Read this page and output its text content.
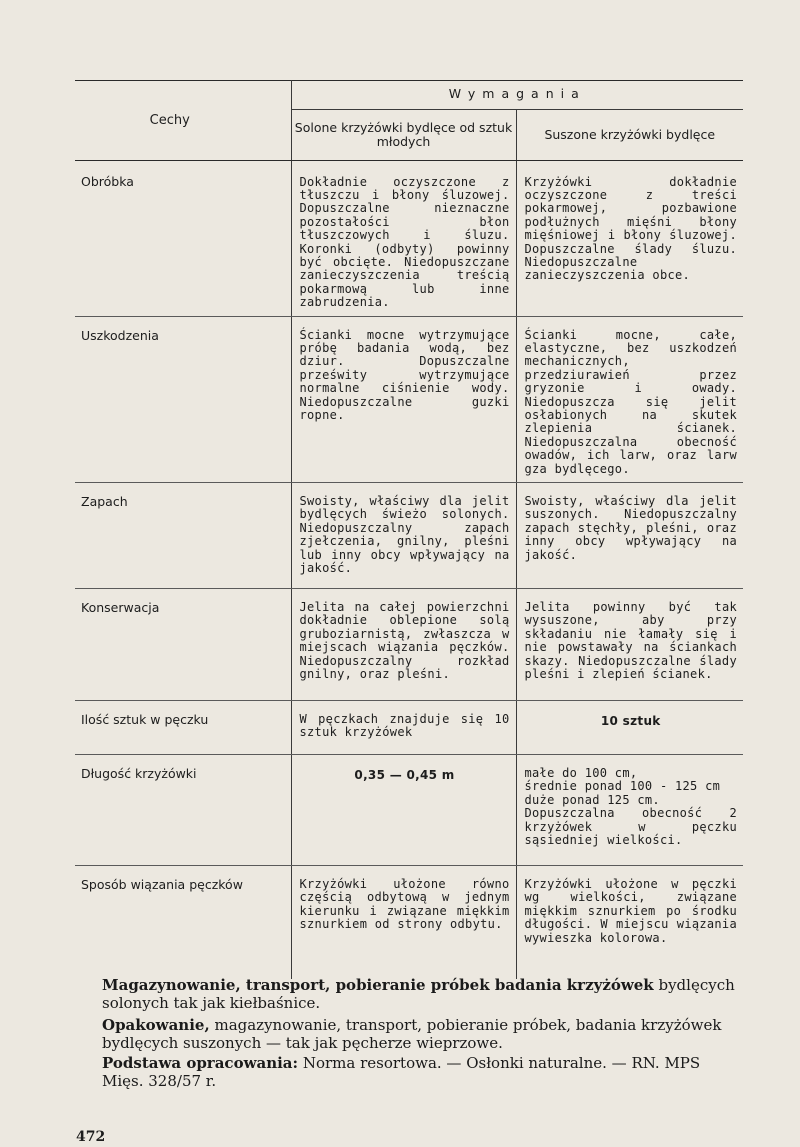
Cechy	Wymagania	
	Solone krzyżówki bydlęce od sztuk młodych	Suszone krzyżówki bydlęce

Obróbka	Dokładnie oczyszczone z tłuszczu i błony śluzowej. Dopuszczalne nieznaczne pozostałości błon tłuszczowych i śluzu. Koronki (odbyty) powinny być obcięte. Niedopuszczane zanieczyszczenia treścią pokarmową lub inne zabrudzenia.	Krzyżówki dokładnie oczyszczone z treści pokarmowej, pozbawione podłużnych mięśni błony mięśniowej i błony śluzowej. Dopuszczalne ślady śluzu. Niedopuszczalne zanieczyszczenia obce.
Uszkodzenia	Ścianki mocne wytrzymujące próbę badania wodą, bez dziur. Dopuszczalne prześwity wytrzymujące normalne ciśnienie wody. Niedopuszczalne guzki ropne.	Ścianki mocne, całe, elastyczne, bez uszkodzeń mechanicznych, przedziurawień przez gryzonie i owady. Niedopuszcza się jelit osłabionych na skutek zlepienia ścianek. Niedopuszczalna obecność owadów, ich larw, oraz larw gza bydlęcego.
Zapach	Swoisty, właściwy dla jelit bydlęcych świeżo solonych. Niedopuszczalny zapach zjełczenia, gnilny, pleśni lub inny obcy wpływający na jakość.	Swoisty, właściwy dla jelit suszonych. Niedopuszczalny zapach stęchły, pleśni, oraz inny obcy wpływający na jakość.
Konserwacja	Jelita na całej powierzchni dokładnie oblepione solą gruboziarnistą, zwłaszcza w miejscach wiązania pęczków. Niedopuszczalny rozkład gnilny, oraz pleśni.	Jelita powinny być tak wysuszone, aby przy składaniu nie łamały się i nie powstawały na ściankach skazy. Niedopuszczalne ślady pleśni i zlepień ścianek.
Ilość sztuk w pęczku	W pęczkach znajduje się 10 sztuk krzyżówek	10 sztuk
Długość krzyżówki	0,35 — 0,45 m	małe do 100 cm,
średnie ponad 100 - 125 cm
duże ponad 125 cm.
Dopuszczalna obecność 2 krzyżówek w pęczku sąsiedniej wielkości.

Sposób wiązania pęczków	Krzyżówki ułożone równo częścią odbytową w jednym kierunku i związane miękkim sznurkiem od strony odbytu.	Krzyżówki ułożone w pęczki wg wielkości, związane miękkim sznurkiem po środku długości. W miejscu wiązania wywieszka kolorowa.

Magazynowanie, transport, pobieranie próbek badania krzyżówek bydlęcych solonych tak jak kiełbaśnice.

Opakowanie, magazynowanie, transport, pobieranie próbek, badania krzyżówek bydlęcych suszonych — tak jak pęcherze wieprzowe.

Podstawa opracowania: Norma resortowa. — Osłonki naturalne. — RN. MPS Mięs. 328/57 r.

472
